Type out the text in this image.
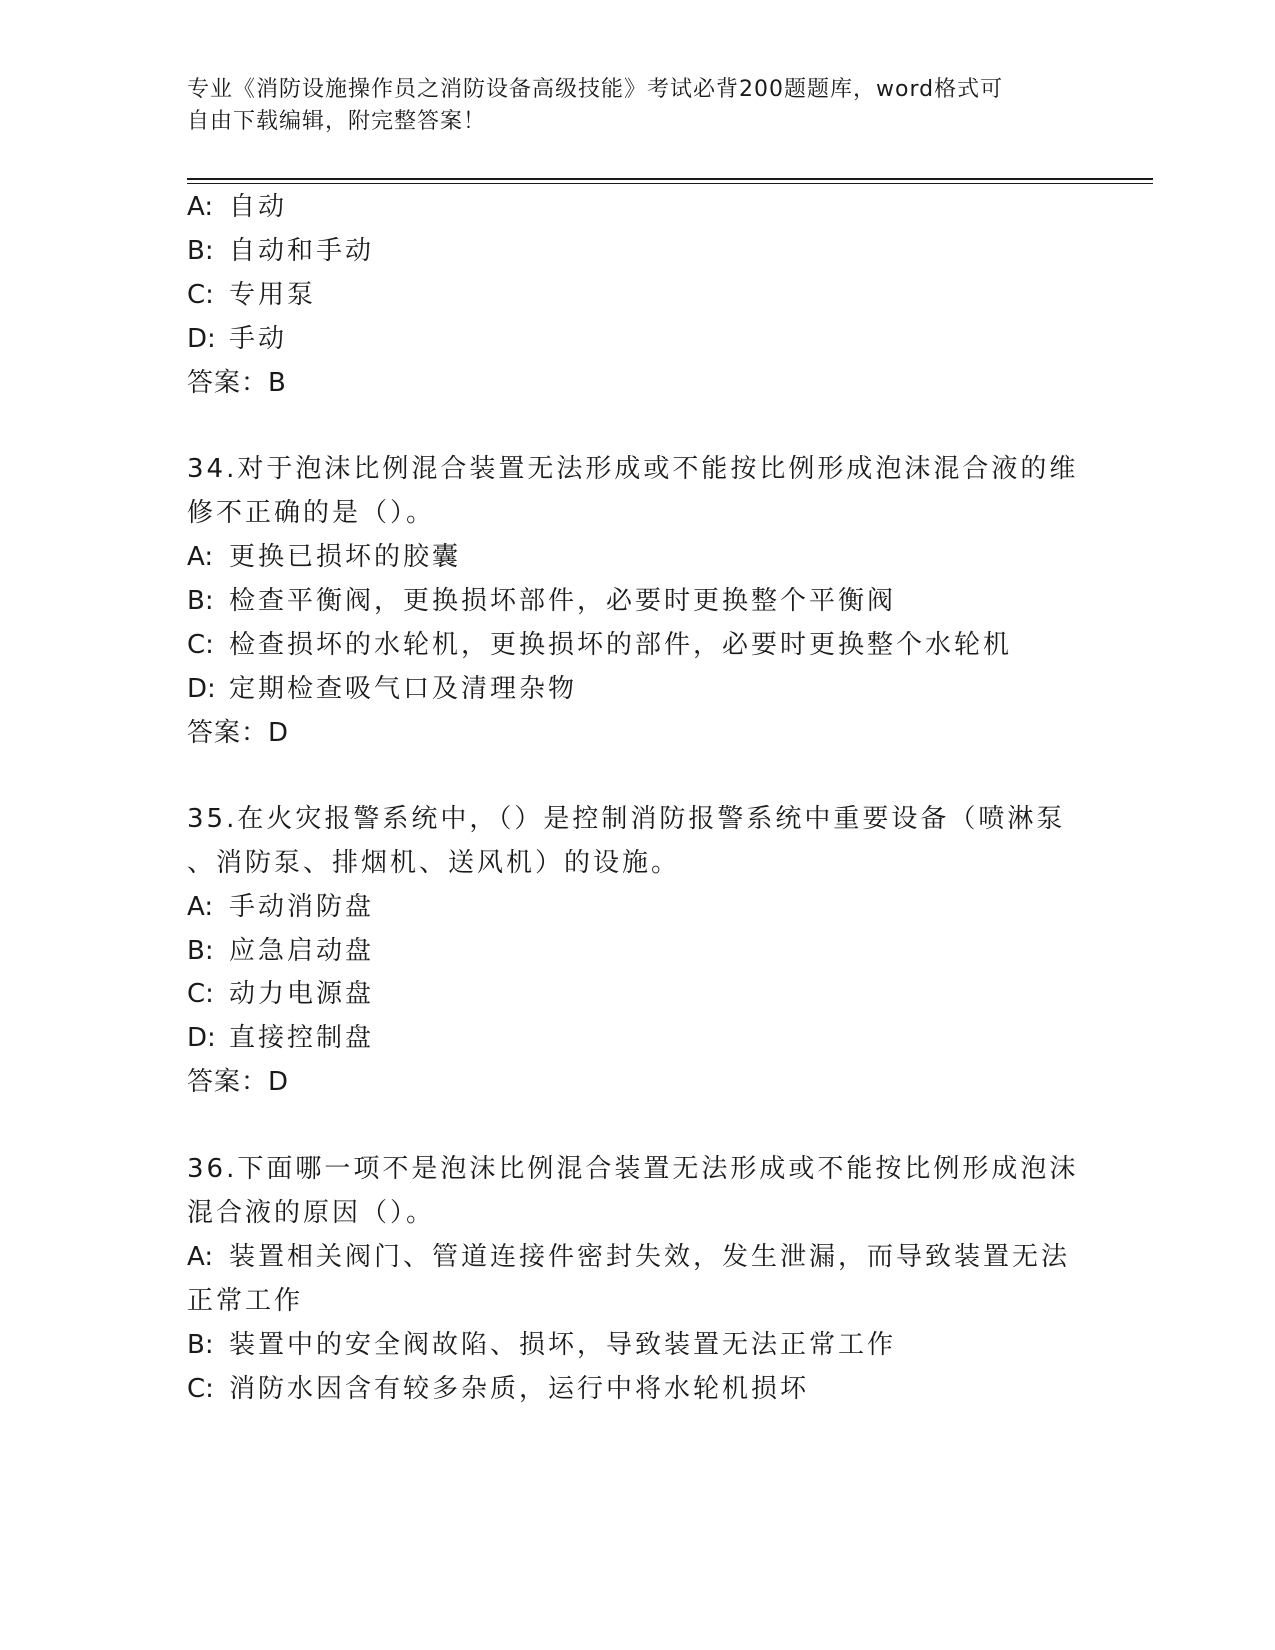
专业《消防设施操作员之消防设备高级技能》考试必背200题题库，word格式可
自由下载编辑，附完整答案！
A: 自动
B: 自动和手动
C: 专用泵
D: 手动
答案：B
34.对于泡沫比例混合装置无法形成或不能按比例形成泡沫混合液的维
修不正确的是（）。
A: 更换已损坏的胶囊
B: 检查平衡阀，更换损坏部件，必要时更换整个平衡阀
C: 检查损坏的水轮机，更换损坏的部件，必要时更换整个水轮机
D: 定期检查吸气口及清理杂物
答案：D
35.在火灾报警系统中，（）是控制消防报警系统中重要设备（喷淋泵
、消防泵、排烟机、送风机）的设施。
A: 手动消防盘
B: 应急启动盘
C: 动力电源盘
D: 直接控制盘
答案：D
36.下面哪一项不是泡沫比例混合装置无法形成或不能按比例形成泡沫
混合液的原因（）。
A: 装置相关阀门、管道连接件密封失效，发生泄漏，而导致装置无法
正常工作
B: 装置中的安全阀故陷、损坏，导致装置无法正常工作
C: 消防水因含有较多杂质，运行中将水轮机损坏
